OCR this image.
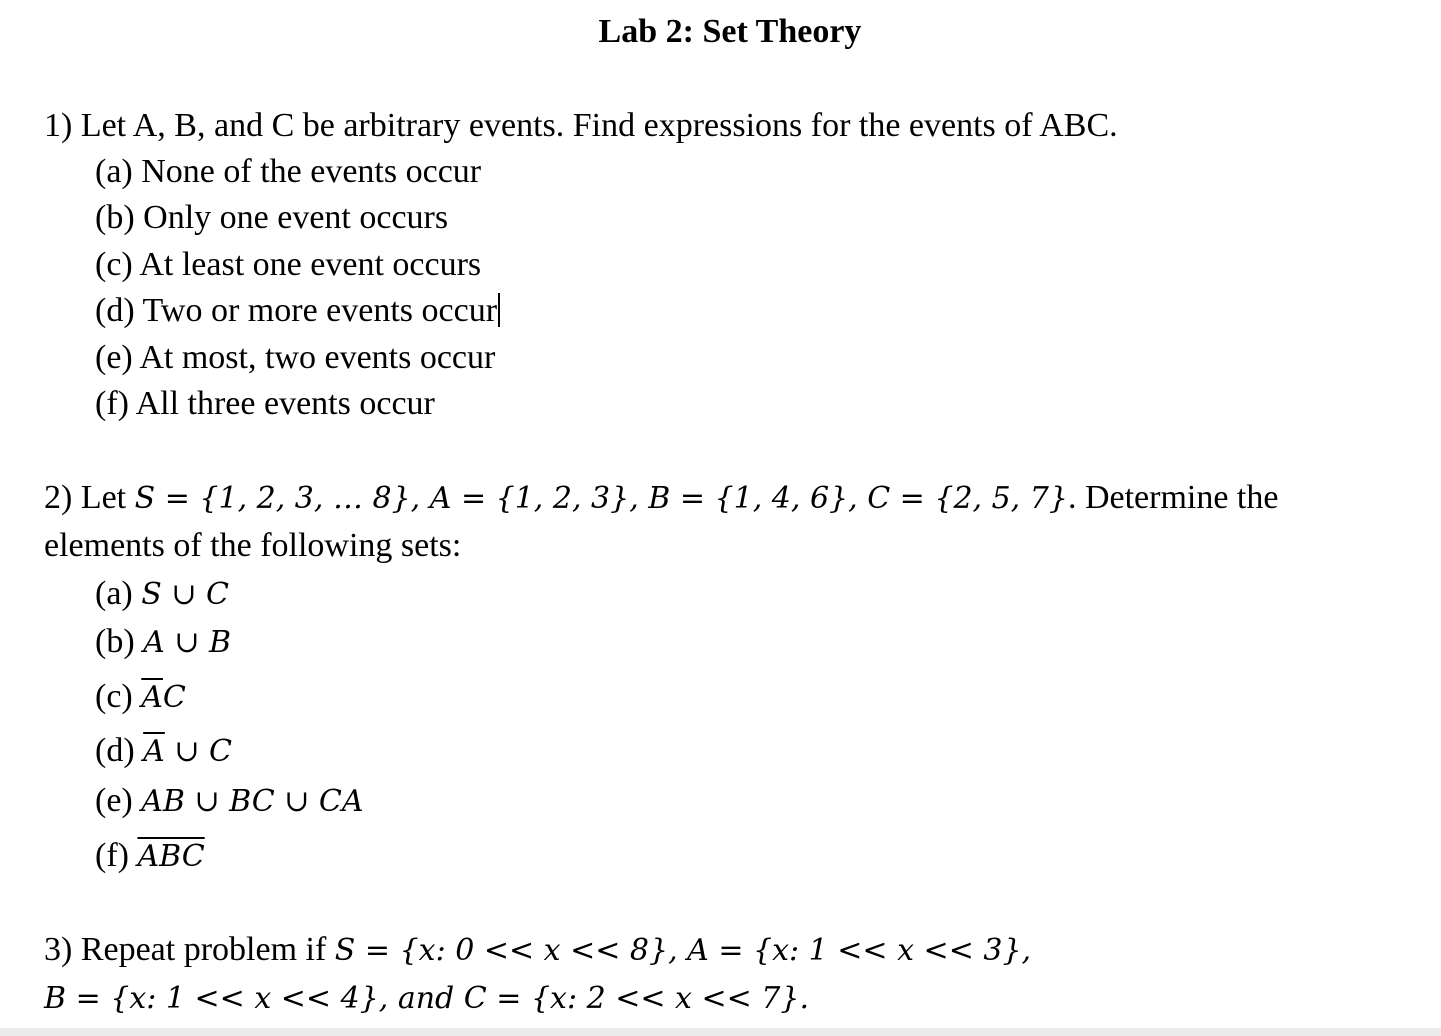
Lab 2: Set Theory
1) Let A, B, and C be arbitrary events. Find expressions for the events of ABC.
(a) None of the events occur
(b) Only one event occurs
(c) At least one event occurs
(d) Two or more events occur
(e) At most, two events occur
(f) All three events occur
2) Let S = {1, 2, 3, … 8}, A = {1, 2, 3}, B = {1, 4, 6}, C = {2, 5, 7}. Determine the
elements of the following sets:
(a) S ∪ C
(b) A ∪ B
(c) $\overline{A}C$
(d) $\overline{A}$ ∪ C
(e) AB ∪ BC ∪ CA
(f) $\overline{ABC}$
3) Repeat problem if S = {x: 0 << x << 8}, A = {x: 1 << x << 3},
B = {x: 1 << x << 4}, and C = {x: 2 << x << 7}.
